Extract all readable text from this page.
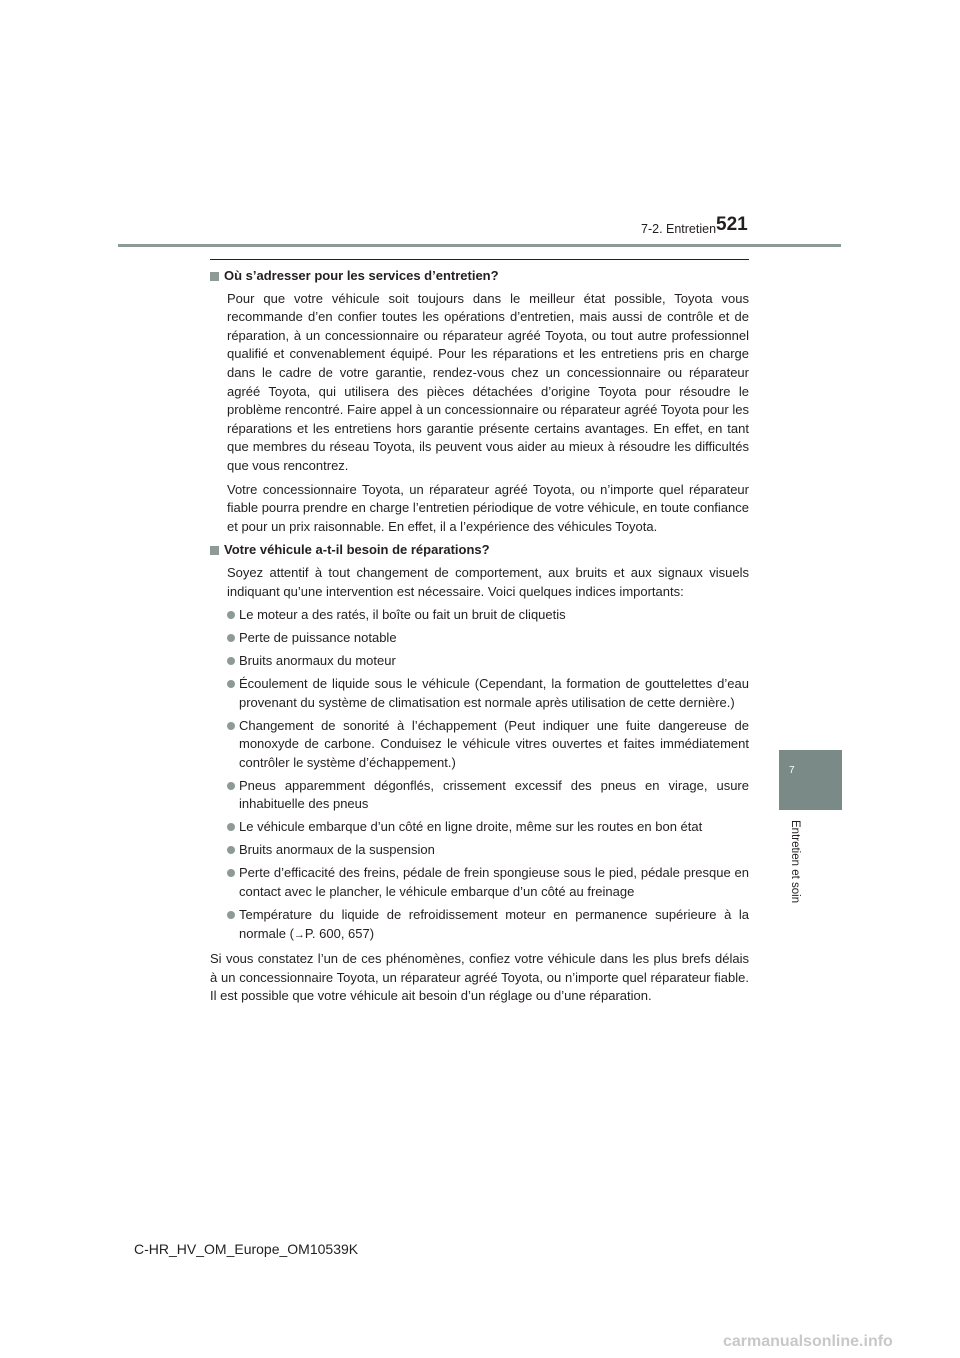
7-2. Entretien 521
7
Entretien et soin
Où s’adresser pour les services d’entretien?

Pour que votre véhicule soit toujours dans le meilleur état possible, Toyota vous recommande d’en confier toutes les opérations d’entretien, mais aussi de contrôle et de réparation, à un concessionnaire ou réparateur agréé Toyota, ou tout autre professionnel qualifié et convenablement équipé. Pour les réparations et les entretiens pris en charge dans le cadre de votre garantie, rendez-vous chez un concessionnaire ou réparateur agréé Toyota, qui utilisera des pièces détachées d’origine Toyota pour résoudre le problème rencontré. Faire appel à un concessionnaire ou réparateur agréé Toyota pour les réparations et les entretiens hors garantie présente certains avantages. En effet, en tant que membres du réseau Toyota, ils peuvent vous aider au mieux à résoudre les difficultés que vous rencontrez.

Votre concessionnaire Toyota, un réparateur agréé Toyota, ou n’importe quel réparateur fiable pourra prendre en charge l’entretien périodique de votre véhicule, en toute confiance et pour un prix raisonnable. En effet, il a l’expérience des véhicules Toyota.

Votre véhicule a-t-il besoin de réparations?

Soyez attentif à tout changement de comportement, aux bruits et aux signaux visuels indiquant qu’une intervention est nécessaire. Voici quelques indices importants:

Le moteur a des ratés, il boîte ou fait un bruit de cliquetis
Perte de puissance notable
Bruits anormaux du moteur
Écoulement de liquide sous le véhicule (Cependant, la formation de gouttelettes d’eau provenant du système de climatisation est normale après utilisation de cette dernière.)
Changement de sonorité à l’échappement (Peut indiquer une fuite dangereuse de monoxyde de carbone. Conduisez le véhicule vitres ouvertes et faites immédiatement contrôler le système d’échappement.)
Pneus apparemment dégonflés, crissement excessif des pneus en virage, usure inhabituelle des pneus
Le véhicule embarque d’un côté en ligne droite, même sur les routes en bon état
Bruits anormaux de la suspension
Perte d’efficacité des freins, pédale de frein spongieuse sous le pied, pédale presque en contact avec le plancher, le véhicule embarque d’un côté au freinage
Température du liquide de refroidissement moteur en permanence supérieure à la normale (→P. 600, 657)

Si vous constatez l’un de ces phénomènes, confiez votre véhicule dans les plus brefs délais à un concessionnaire Toyota, un réparateur agréé Toyota, ou n’importe quel réparateur fiable. Il est possible que votre véhicule ait besoin d’un réglage ou d’une réparation.

C-HR_HV_OM_Europe_OM10539K
carmanualsonline.info
